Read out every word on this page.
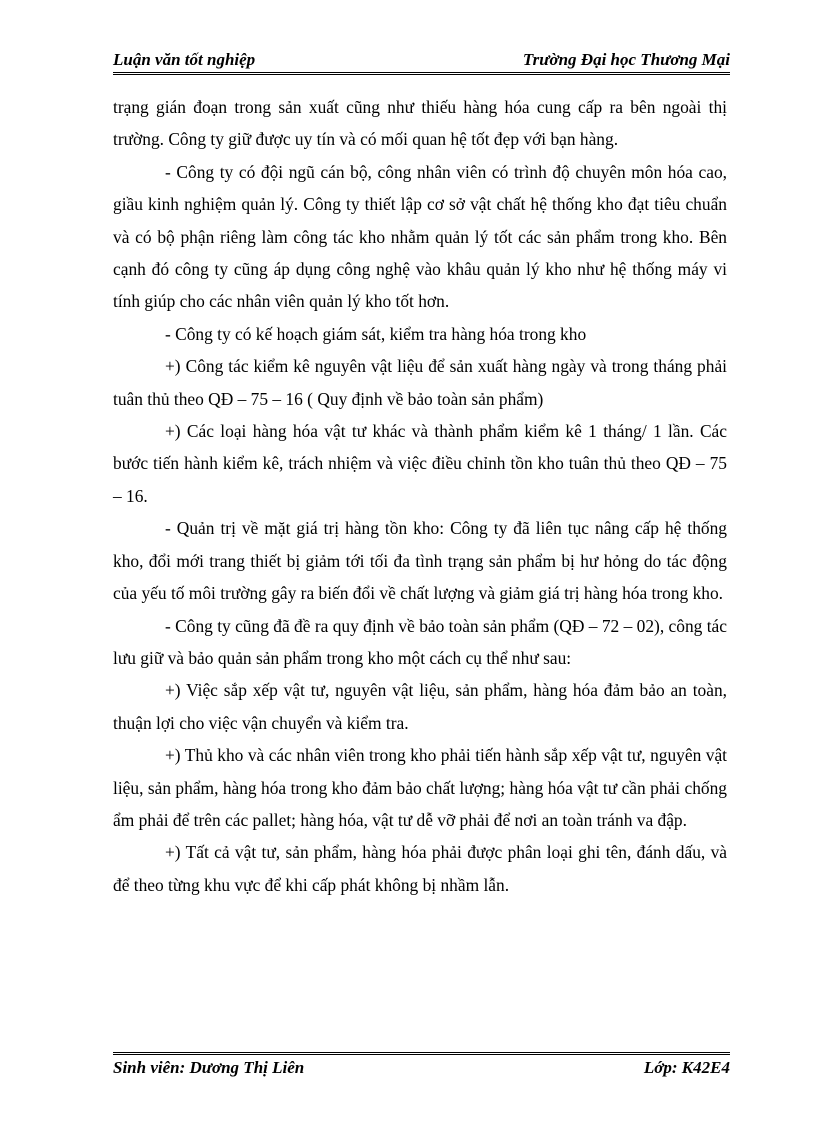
Luận văn tốt nghiệp	Trường Đại học Thương Mại

trạng gián đoạn trong sản xuất cũng như thiếu hàng hóa cung cấp ra bên ngoài thị trường. Công ty giữ được uy tín và có mối quan hệ tốt đẹp với bạn hàng.

- Công ty có đội ngũ cán bộ, công nhân viên có trình độ chuyên môn hóa cao, giầu kinh nghiệm quản lý. Công ty thiết lập cơ sở vật chất hệ thống kho đạt tiêu chuẩn và có bộ phận riêng làm công tác kho nhằm quản lý tốt các sản phẩm trong kho. Bên cạnh đó công ty cũng áp dụng công nghệ vào khâu quản lý kho như hệ thống máy vi tính giúp cho các nhân viên quản lý kho tốt hơn.

- Công ty có kế hoạch giám sát, kiểm tra hàng hóa trong kho

+) Công tác kiểm kê nguyên vật liệu để sản xuất hàng ngày và trong tháng phải tuân thủ theo QĐ – 75 – 16 ( Quy định về bảo toàn sản phẩm)

+) Các loại hàng hóa vật tư khác và thành phẩm kiểm kê 1 tháng/ 1 lần. Các bước tiến hành kiểm kê, trách nhiệm và việc điều chỉnh tồn kho tuân thủ theo QĐ – 75 – 16.

- Quản trị về mặt giá trị hàng tồn kho: Công ty đã liên tục nâng cấp hệ thống kho, đổi mới trang thiết bị giảm tới tối đa tình trạng sản phẩm bị hư hỏng do tác động của yếu tố môi trường gây ra biến đổi về chất lượng và giảm giá trị hàng hóa trong kho.

- Công ty cũng đã đề ra quy định về bảo toàn sản phẩm (QĐ – 72 – 02), công tác lưu giữ và bảo quản sản phẩm trong kho một cách cụ thể như sau:

+) Việc sắp xếp vật tư, nguyên vật liệu, sản phẩm, hàng hóa đảm bảo an toàn, thuận lợi cho việc vận chuyển và kiểm tra.

+) Thủ kho và các nhân viên trong kho phải tiến hành sắp xếp vật tư, nguyên vật liệu, sản phẩm, hàng hóa trong kho đảm bảo chất lượng; hàng hóa vật tư cần phải chống ẩm phải để trên các pallet; hàng hóa, vật tư dễ vỡ phải để nơi an toàn tránh va đập.

+) Tất cả vật tư, sản phẩm, hàng hóa phải được phân loại ghi tên, đánh dấu, và để theo từng khu vực để khi cấp phát không bị nhầm lẫn.

Sinh viên: Dương Thị Liên	Lớp: K42E4
